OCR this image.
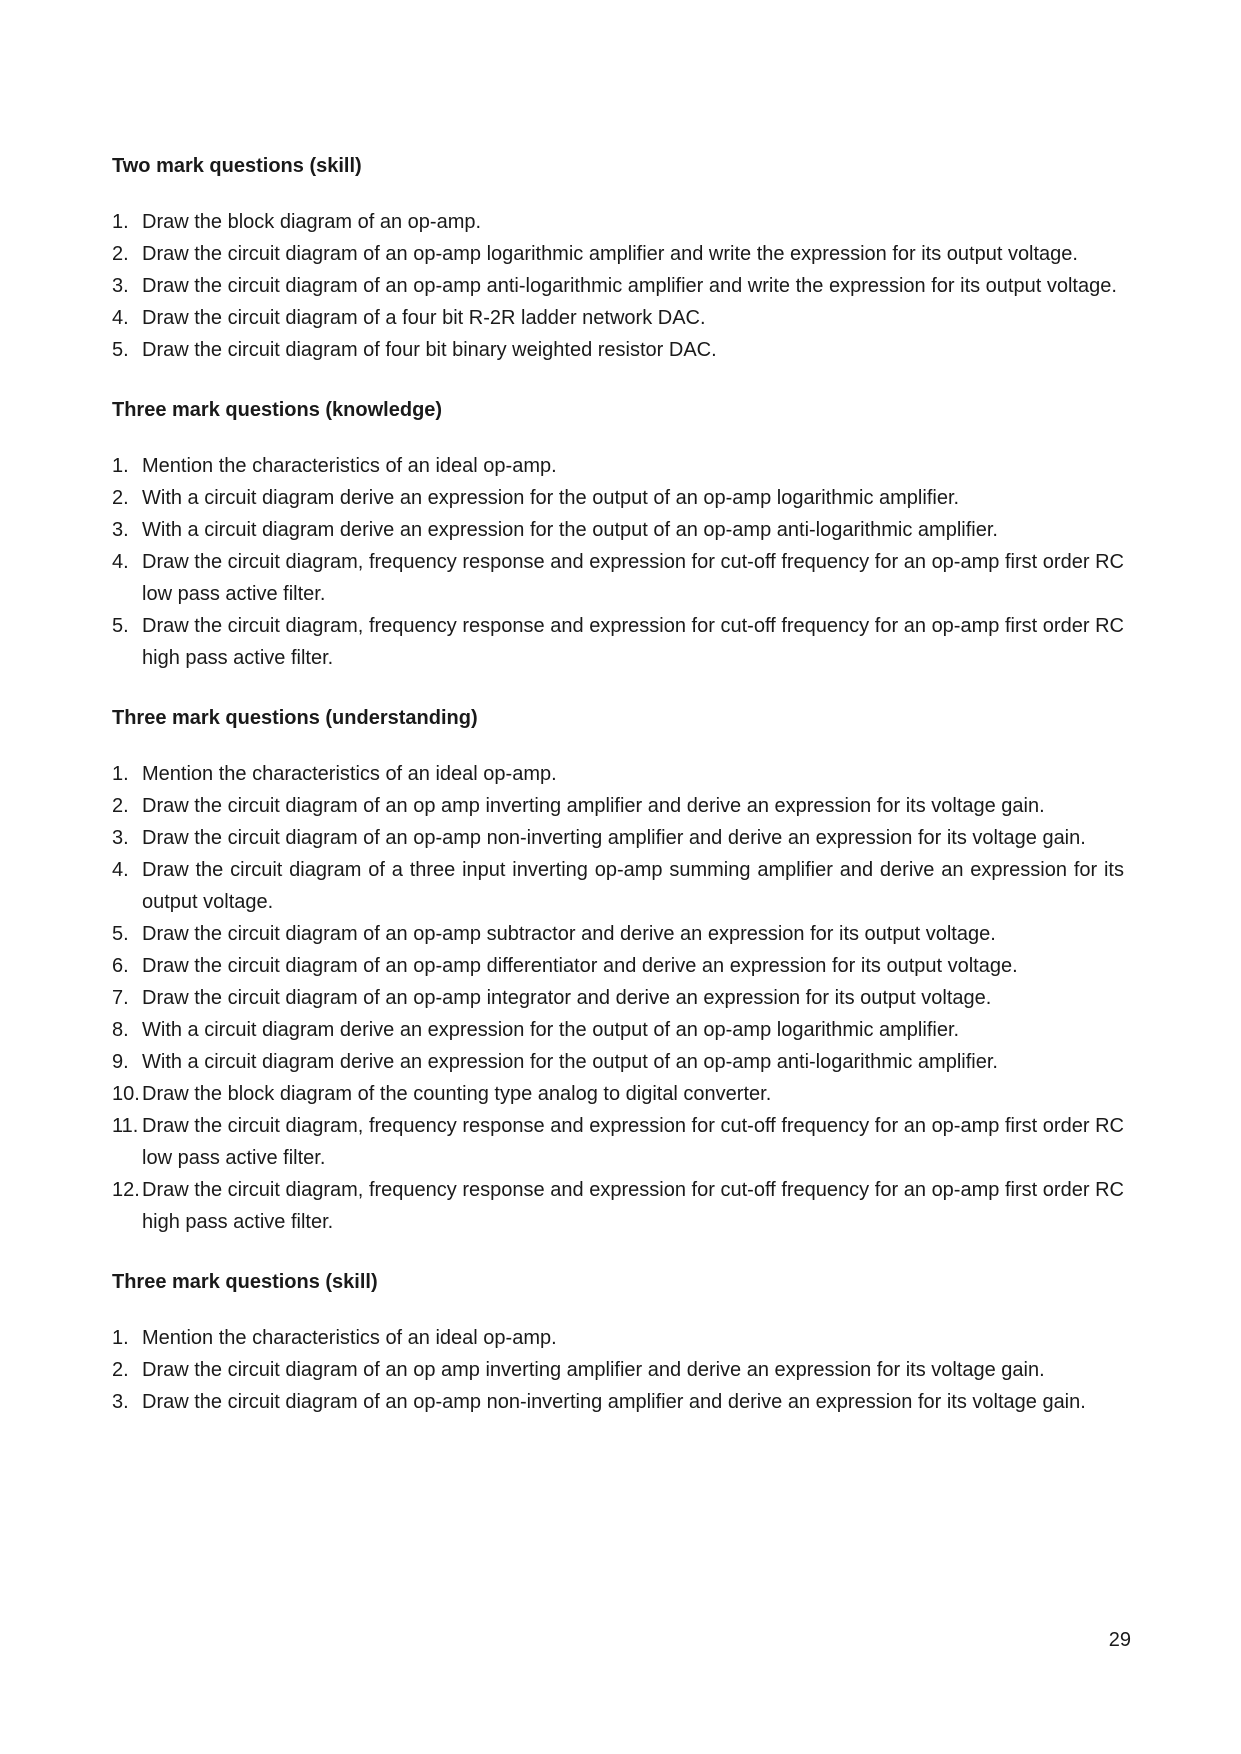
Two mark questions (skill)
1. Draw the block diagram of an op-amp.
2. Draw the circuit diagram of an op-amp logarithmic amplifier and write the expression for its output voltage.
3. Draw the circuit diagram of an op-amp anti-logarithmic amplifier and write the expression for its output voltage.
4. Draw the circuit diagram of a four bit R-2R ladder network DAC.
5. Draw the circuit diagram of four bit binary weighted resistor DAC.
Three mark questions (knowledge)
1. Mention the characteristics of an ideal op-amp.
2. With a circuit diagram derive an expression for the output of an op-amp logarithmic amplifier.
3. With a circuit diagram derive an expression for the output of an op-amp anti-logarithmic amplifier.
4. Draw the circuit diagram, frequency response and expression for cut-off frequency for an op-amp first order RC low pass active filter.
5. Draw the circuit diagram, frequency response and expression for cut-off frequency for an op-amp first order RC high pass active filter.
Three mark questions (understanding)
1. Mention the characteristics of an ideal op-amp.
2. Draw the circuit diagram of an op amp inverting amplifier and derive an expression for its voltage gain.
3. Draw the circuit diagram of an op-amp non-inverting amplifier and derive an expression for its voltage gain.
4. Draw the circuit diagram of a three input inverting op-amp summing amplifier and derive an expression for its output voltage.
5. Draw the circuit diagram of an op-amp subtractor and derive an expression for its output voltage.
6. Draw the circuit diagram of an op-amp differentiator and derive an expression for its output voltage.
7. Draw the circuit diagram of an op-amp integrator and derive an expression for its output voltage.
8. With a circuit diagram derive an expression for the output of an op-amp logarithmic amplifier.
9. With a circuit diagram derive an expression for the output of an op-amp anti-logarithmic amplifier.
10. Draw the block diagram of the counting type analog to digital converter.
11. Draw the circuit diagram, frequency response and expression for cut-off frequency for an op-amp first order RC low pass active filter.
12. Draw the circuit diagram, frequency response and expression for cut-off frequency for an op-amp first order RC high pass active filter.
Three mark questions (skill)
1. Mention the characteristics of an ideal op-amp.
2. Draw the circuit diagram of an op amp inverting amplifier and derive an expression for its voltage gain.
3. Draw the circuit diagram of an op-amp non-inverting amplifier and derive an expression for its voltage gain.
29
